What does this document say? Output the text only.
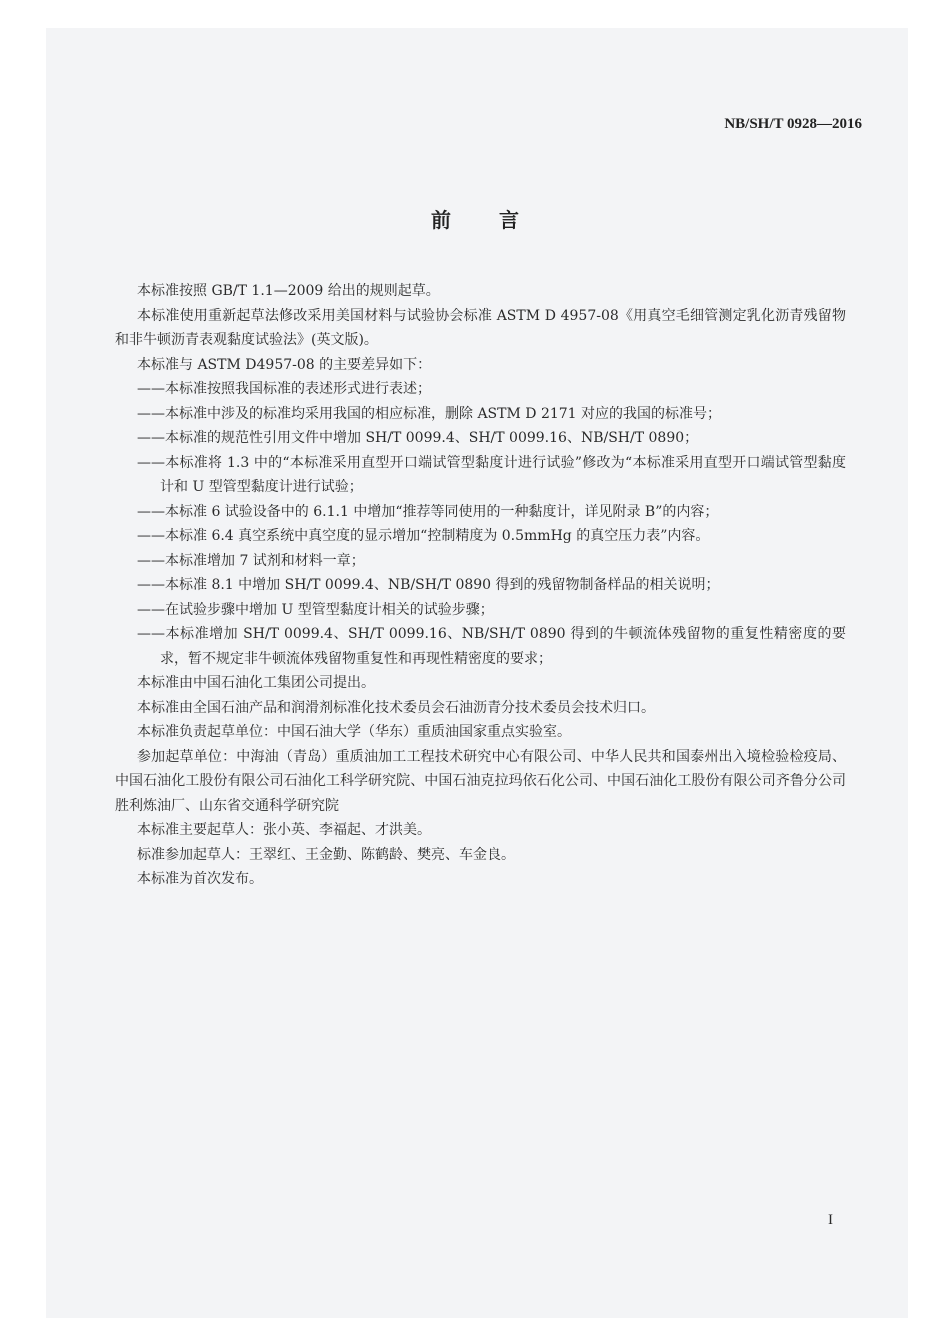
NB/SH/T 0928—2016
前言

本标准按照 GB/T 1.1—2009 给出的规则起草。

本标准使用重新起草法修改采用美国材料与试验协会标准 ASTM D 4957-08《用真空毛细管测定乳化沥青残留物和非牛顿沥青表观黏度试验法》(英文版)。

本标准与 ASTM D4957-08 的主要差异如下：

——本标准按照我国标准的表述形式进行表述；

——本标准中涉及的标准均采用我国的相应标准，删除 ASTM D 2171 对应的我国的标准号；

——本标准的规范性引用文件中增加 SH/T 0099.4、SH/T 0099.16、NB/SH/T 0890；

——本标准将 1.3 中的“本标准采用直型开口端试管型黏度计进行试验”修改为“本标准采用直型开口端试管型黏度计和 U 型管型黏度计进行试验；

——本标准 6 试验设备中的 6.1.1 中增加“推荐等同使用的一种黏度计，详见附录 B”的内容；

——本标准 6.4 真空系统中真空度的显示增加“控制精度为 0.5mmHg 的真空压力表”内容。

——本标准增加 7 试剂和材料一章；

——本标准 8.1 中增加 SH/T 0099.4、NB/SH/T 0890 得到的残留物制备样品的相关说明；

——在试验步骤中增加 U 型管型黏度计相关的试验步骤；

——本标准增加 SH/T 0099.4、SH/T 0099.16、NB/SH/T 0890 得到的牛顿流体残留物的重复性精密度的要求，暂不规定非牛顿流体残留物重复性和再现性精密度的要求；

本标准由中国石油化工集团公司提出。

本标准由全国石油产品和润滑剂标准化技术委员会石油沥青分技术委员会技术归口。

本标准负责起草单位：中国石油大学（华东）重质油国家重点实验室。

参加起草单位：中海油（青岛）重质油加工工程技术研究中心有限公司、中华人民共和国泰州出入境检验检疫局、中国石油化工股份有限公司石油化工科学研究院、中国石油克拉玛依石化公司、中国石油化工股份有限公司齐鲁分公司胜利炼油厂、山东省交通科学研究院

本标准主要起草人：张小英、李福起、才洪美。

标准参加起草人：王翠红、王金勤、陈鹤龄、樊亮、车金良。

本标准为首次发布。

I
